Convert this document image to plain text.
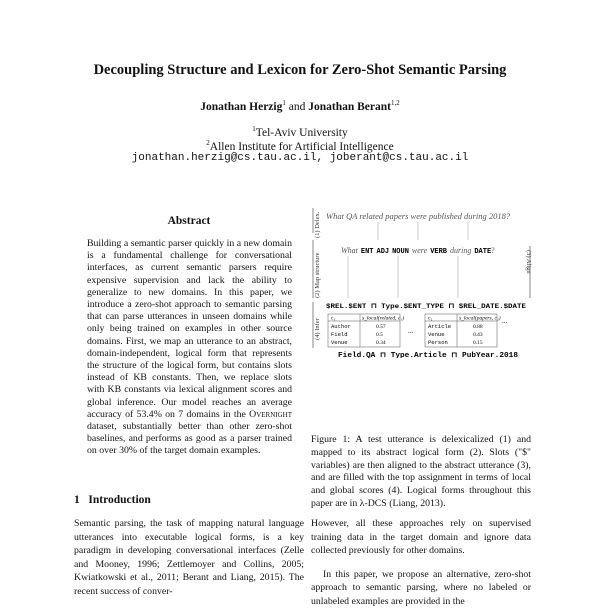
Decoupling Structure and Lexicon for Zero-Shot Semantic Parsing
Jonathan Herzig$^1$ and Jonathan Berant$^{1,2}$
$^1$Tel-Aviv University
$^2$Allen Institute for Artificial Intelligence
jonathan.herzig@cs.tau.ac.il, joberant@cs.tau.ac.il
Abstract
Building a semantic parser quickly in a new domain is a fundamental challenge for conversational interfaces, as current semantic parsers require expensive supervision and lack the ability to generalize to new domains. In this paper, we introduce a zero-shot approach to semantic parsing that can parse utterances in unseen domains while only being trained on examples in other source domains. First, we map an utterance to an abstract, domain-independent, logical form that represents the structure of the logical form, but contains slots instead of KB constants. Then, we replace slots with KB constants via lexical alignment scores and global inference. Our model reaches an average accuracy of 53.4% on 7 domains in the Overnight dataset, substantially better than other zero-shot baselines, and performs as good as a parser trained on over 30% of the target domain examples.
1   Introduction
Semantic parsing, the task of mapping natural language utterances into executable logical forms, is a key paradigm in developing conversational interfaces (Zelle and Mooney, 1996; Zettlemoyer and Collins, 2005; Kwiatkowski et al., 2011; Berant and Liang, 2015). The recent success of conver-
What QA related papers were published during 2018?
(1) Delex.
(2) Map structure
(4) Infer
(3) Align
What ENT ADJ NOUN were VERB during DATE?
$REL.$ENT ⊓ Type.$ENT_TYPE ⊓ $REL_DATE.$DATE
c₁	s_local(related, c₁)
Author	0.57
Field	0.5
Venue	0.34
...
c₂	s_local(papers, c₂)
Article	0.88
Venue	0.43
Person	0.15
...
Field.QA ⊓ Type.Article ⊓ PubYear.2018
Figure 1: A test utterance is delexicalized (1) and mapped to its abstract logical form (2). Slots ("$" variables) are then aligned to the abstract utterance (3), and are filled with the top assignment in terms of local and global scores (4). Logical forms throughout this paper are in λ-DCS (Liang, 2013).

However, all these approaches rely on supervised training data in the target domain and ignore data collected previously for other domains.

In this paper, we propose an alternative, zero-shot approach to semantic parsing, where no labeled or unlabeled examples are provided in the
